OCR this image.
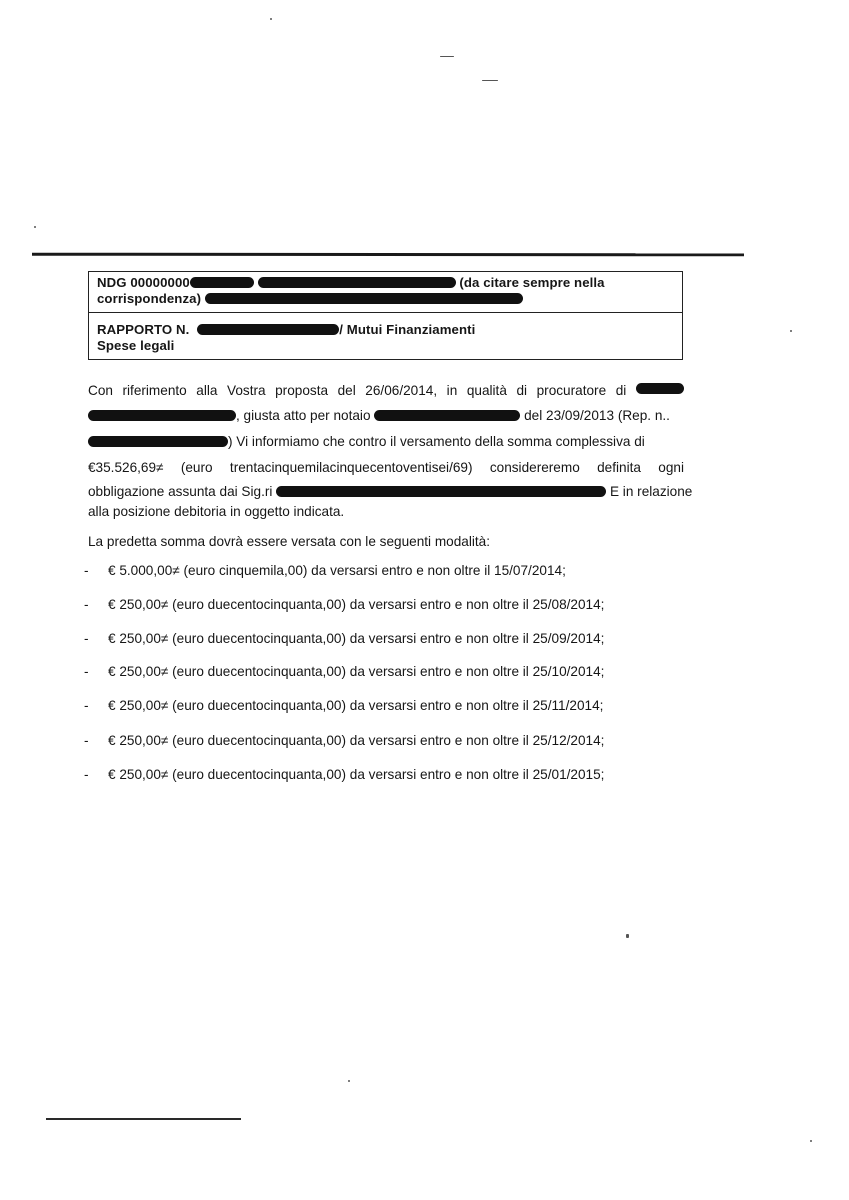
NDG 00000000	(da citare sempre nella
corrispondenza)
RAPPORTO N.	/ Mutui Finanziamenti
Spese legali
Con riferimento alla Vostra proposta del 26/06/2014, in qualità di procuratore di
, giusta atto per notaio	del 23/09/2013 (Rep. n..
) Vi informiamo che contro il versamento della somma complessiva di
€35.526,69≠ (euro trentacinquemilacinquecentoventisei/69) considereremo definita ogni
obbligazione assunta dai Sig.ri	E in relazione
alla posizione debitoria in oggetto indicata.
La predetta somma dovrà essere versata con le seguenti modalità:
- € 5.000,00≠ (euro cinquemila,00) da versarsi entro e non oltre il 15/07/2014;
- € 250,00≠ (euro duecentocinquanta,00) da versarsi entro e non oltre il 25/08/2014;
- € 250,00≠ (euro duecentocinquanta,00) da versarsi entro e non oltre il 25/09/2014;
- € 250,00≠ (euro duecentocinquanta,00) da versarsi entro e non oltre il 25/10/2014;
- € 250,00≠ (euro duecentocinquanta,00) da versarsi entro e non oltre il 25/11/2014;
- € 250,00≠ (euro duecentocinquanta,00) da versarsi entro e non oltre il 25/12/2014;
- € 250,00≠ (euro duecentocinquanta,00) da versarsi entro e non oltre il 25/01/2015;
